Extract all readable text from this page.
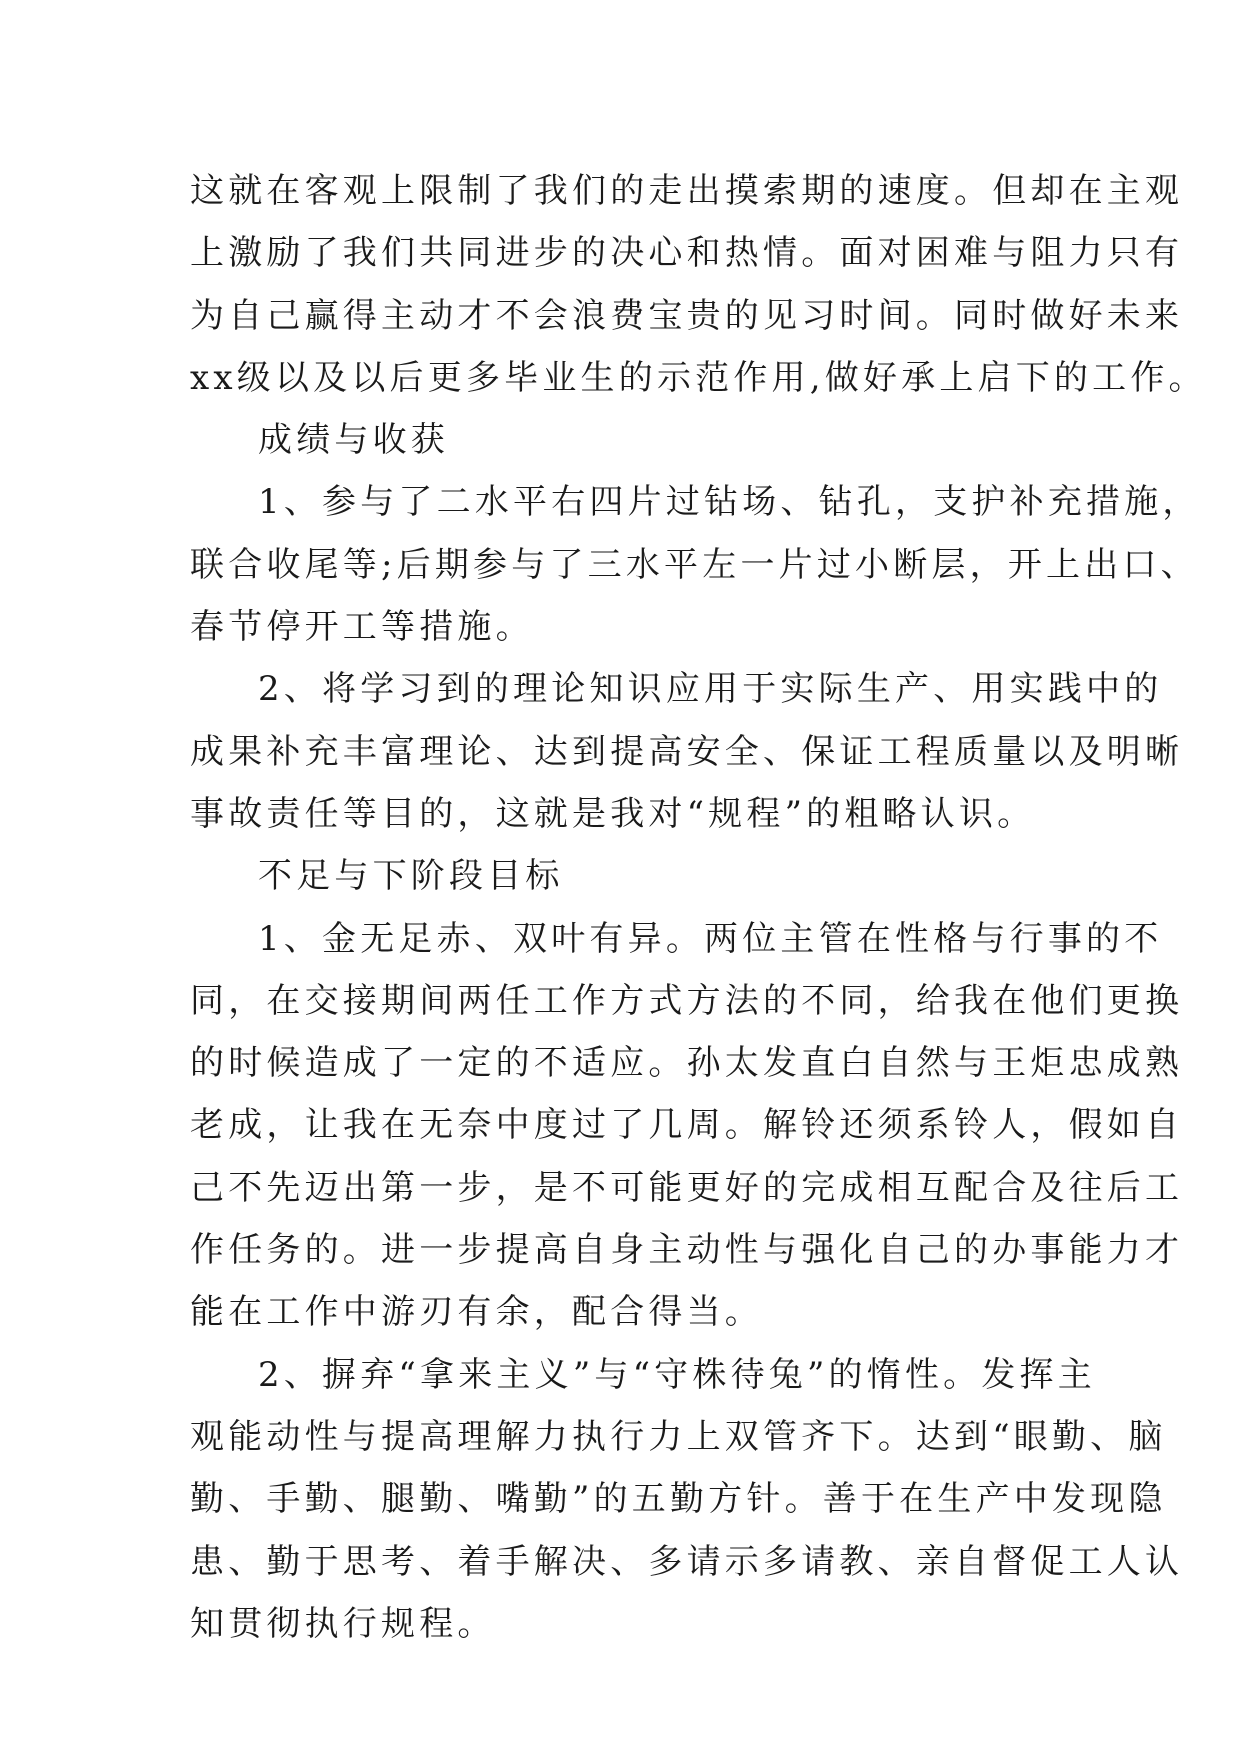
这就在客观上限制了我们的走出摸索期的速度。但却在主观
上激励了我们共同进步的决心和热情。面对困难与阻力只有
为自己赢得主动才不会浪费宝贵的见习时间。同时做好未来
xx级以及以后更多毕业生的示范作用,做好承上启下的工作。
成绩与收获
1、参与了二水平右四片过钻场、钻孔，支护补充措施，
联合收尾等;后期参与了三水平左一片过小断层，开上出口、
春节停开工等措施。
2、将学习到的理论知识应用于实际生产、用实践中的
成果补充丰富理论、达到提高安全、保证工程质量以及明晰
事故责任等目的，这就是我对“规程”的粗略认识。
不足与下阶段目标
1、金无足赤、双叶有异。两位主管在性格与行事的不
同，在交接期间两任工作方式方法的不同，给我在他们更换
的时候造成了一定的不适应。孙太发直白自然与王炬忠成熟
老成，让我在无奈中度过了几周。解铃还须系铃人，假如自
己不先迈出第一步，是不可能更好的完成相互配合及往后工
作任务的。进一步提高自身主动性与强化自己的办事能力才
能在工作中游刃有余，配合得当。
2、摒弃“拿来主义”与“守株待兔”的惰性。发挥主
观能动性与提高理解力执行力上双管齐下。达到“眼勤、脑
勤、手勤、腿勤、嘴勤”的五勤方针。善于在生产中发现隐
患、勤于思考、着手解决、多请示多请教、亲自督促工人认
知贯彻执行规程。
